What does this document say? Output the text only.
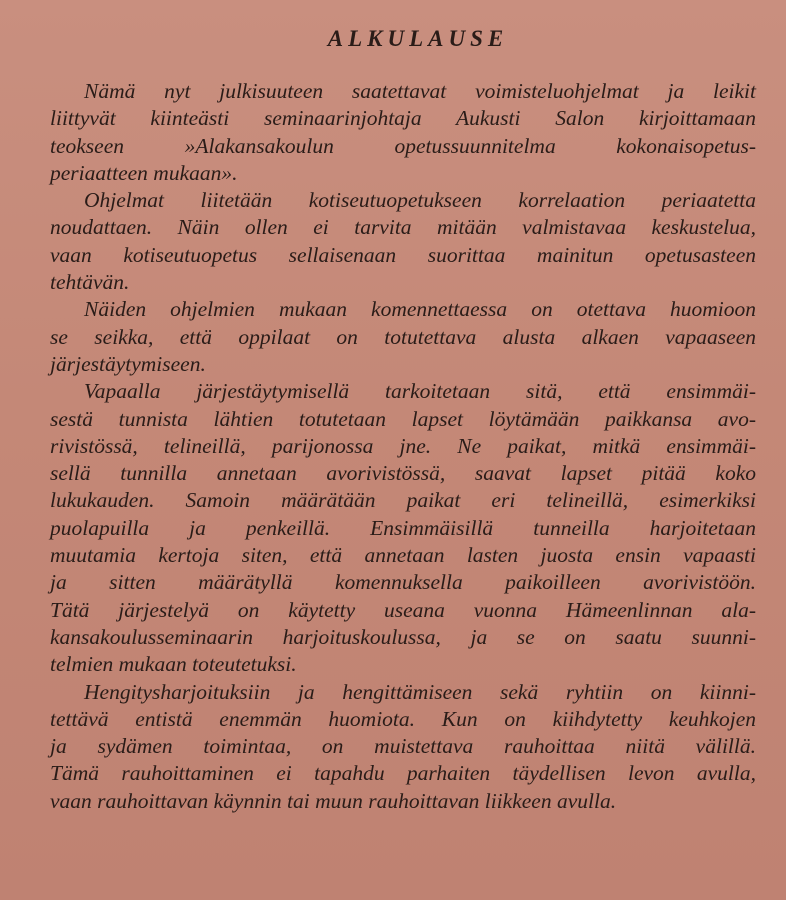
ALKULAUSE
Nämä nyt julkisuuteen saatettavat voimisteluohjelmat ja leikit
liittyvät kiinteästi seminaarinjohtaja Aukusti Salon kirjoittamaan
teokseen »Alakansakoulun opetussuunnitelma kokonaisopetus-
periaatteen mukaan».
Ohjelmat liitetään kotiseutuopetukseen korrelaation periaatetta
noudattaen. Näin ollen ei tarvita mitään valmistavaa keskustelua,
vaan kotiseutuopetus sellaisenaan suorittaa mainitun opetusasteen
tehtävän.
Näiden ohjelmien mukaan komennettaessa on otettava huomioon
se seikka, että oppilaat on totutettava alusta alkaen vapaaseen
järjestäytymiseen.
Vapaalla järjestäytymisellä tarkoitetaan sitä, että ensimmäi-
sestä tunnista lähtien totutetaan lapset löytämään paikkansa avo-
rivistössä, telineillä, parijonossa jne. Ne paikat, mitkä ensimmäi-
sellä tunnilla annetaan avorivistössä, saavat lapset pitää koko
lukukauden. Samoin määrätään paikat eri telineillä, esimerkiksi
puolapuilla ja penkeillä. Ensimmäisillä tunneilla harjoitetaan
muutamia kertoja siten, että annetaan lasten juosta ensin vapaasti
ja sitten määrätyllä komennuksella paikoilleen avorivistöön.
Tätä järjestelyä on käytetty useana vuonna Hämeenlinnan ala-
kansakoulusseminaarin harjoituskoulussa, ja se on saatu suunni-
telmien mukaan toteutetuksi.
Hengitysharjoituksiin ja hengittämiseen sekä ryhtiin on kiinni-
tettävä entistä enemmän huomiota. Kun on kiihdytetty keuhkojen
ja sydämen toimintaa, on muistettava rauhoittaa niitä välillä.
Tämä rauhoittaminen ei tapahdu parhaiten täydellisen levon avulla,
vaan rauhoittavan käynnin tai muun rauhoittavan liikkeen avulla.
